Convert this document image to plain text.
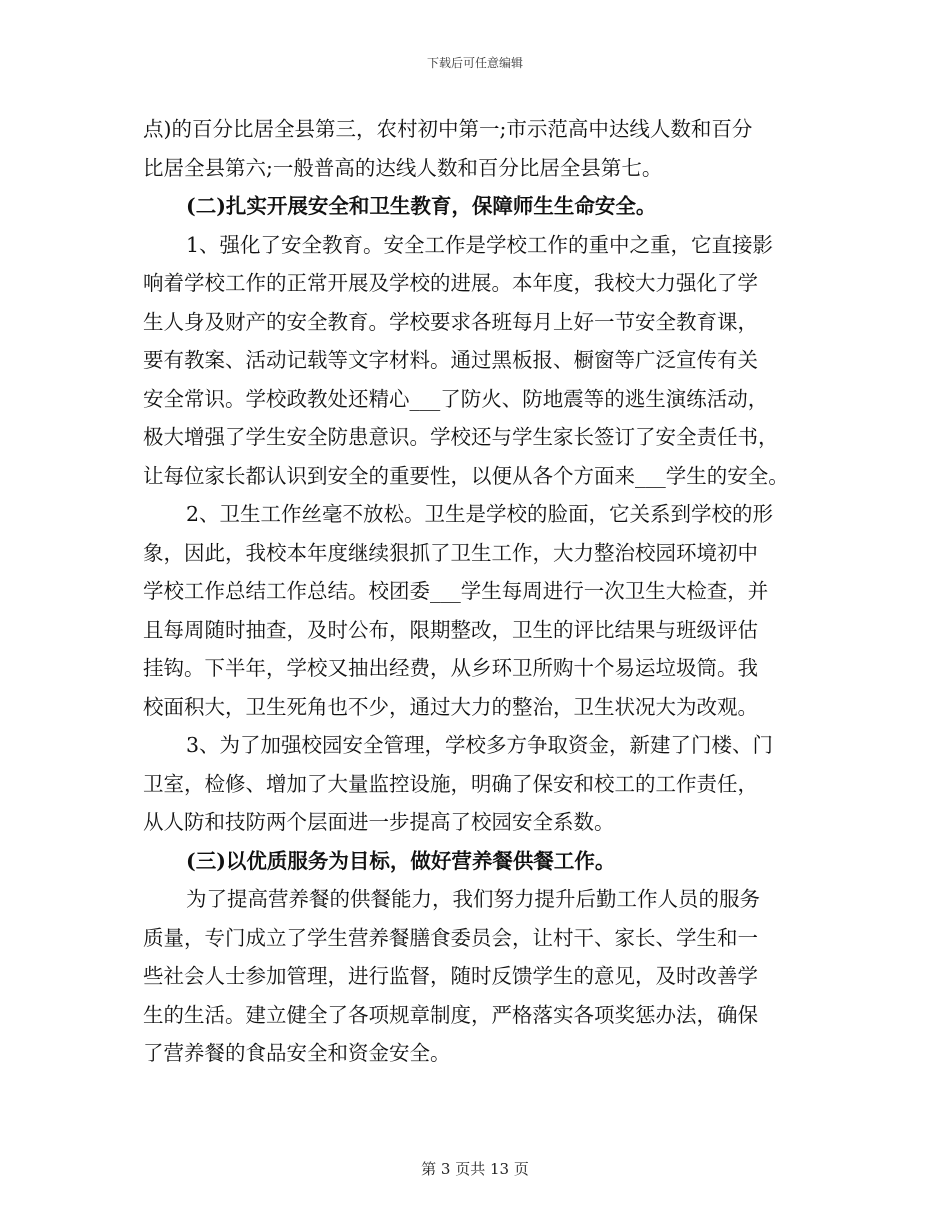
下载后可任意编辑
点)的百分比居全县第三，农村初中第一;市示范高中达线人数和百分
比居全县第六;一般普高的达线人数和百分比居全县第七。
(二)扎实开展安全和卫生教育，保障师生生命安全。
1、强化了安全教育。安全工作是学校工作的重中之重，它直接影
响着学校工作的正常开展及学校的进展。本年度，我校大力强化了学
生人身及财产的安全教育。学校要求各班每月上好一节安全教育课，
要有教案、活动记载等文字材料。通过黑板报、橱窗等广泛宣传有关
安全常识。学校政教处还精心___了防火、防地震等的逃生演练活动，
极大增强了学生安全防患意识。学校还与学生家长签订了安全责任书，
让每位家长都认识到安全的重要性，以便从各个方面来___学生的安全。
2、卫生工作丝毫不放松。卫生是学校的脸面，它关系到学校的形
象，因此，我校本年度继续狠抓了卫生工作，大力整治校园环境初中
学校工作总结工作总结。校团委___学生每周进行一次卫生大检查，并
且每周随时抽查，及时公布，限期整改，卫生的评比结果与班级评估
挂钩。下半年，学校又抽出经费，从乡环卫所购十个易运垃圾筒。我
校面积大，卫生死角也不少，通过大力的整治，卫生状况大为改观。
3、为了加强校园安全管理，学校多方争取资金，新建了门楼、门
卫室，检修、增加了大量监控设施，明确了保安和校工的工作责任，
从人防和技防两个层面进一步提高了校园安全系数。
(三)以优质服务为目标，做好营养餐供餐工作。
为了提高营养餐的供餐能力，我们努力提升后勤工作人员的服务
质量，专门成立了学生营养餐膳食委员会，让村干、家长、学生和一
些社会人士参加管理，进行监督，随时反馈学生的意见，及时改善学
生的生活。建立健全了各项规章制度，严格落实各项奖惩办法，确保
了营养餐的食品安全和资金安全。
第 3 页共 13 页
